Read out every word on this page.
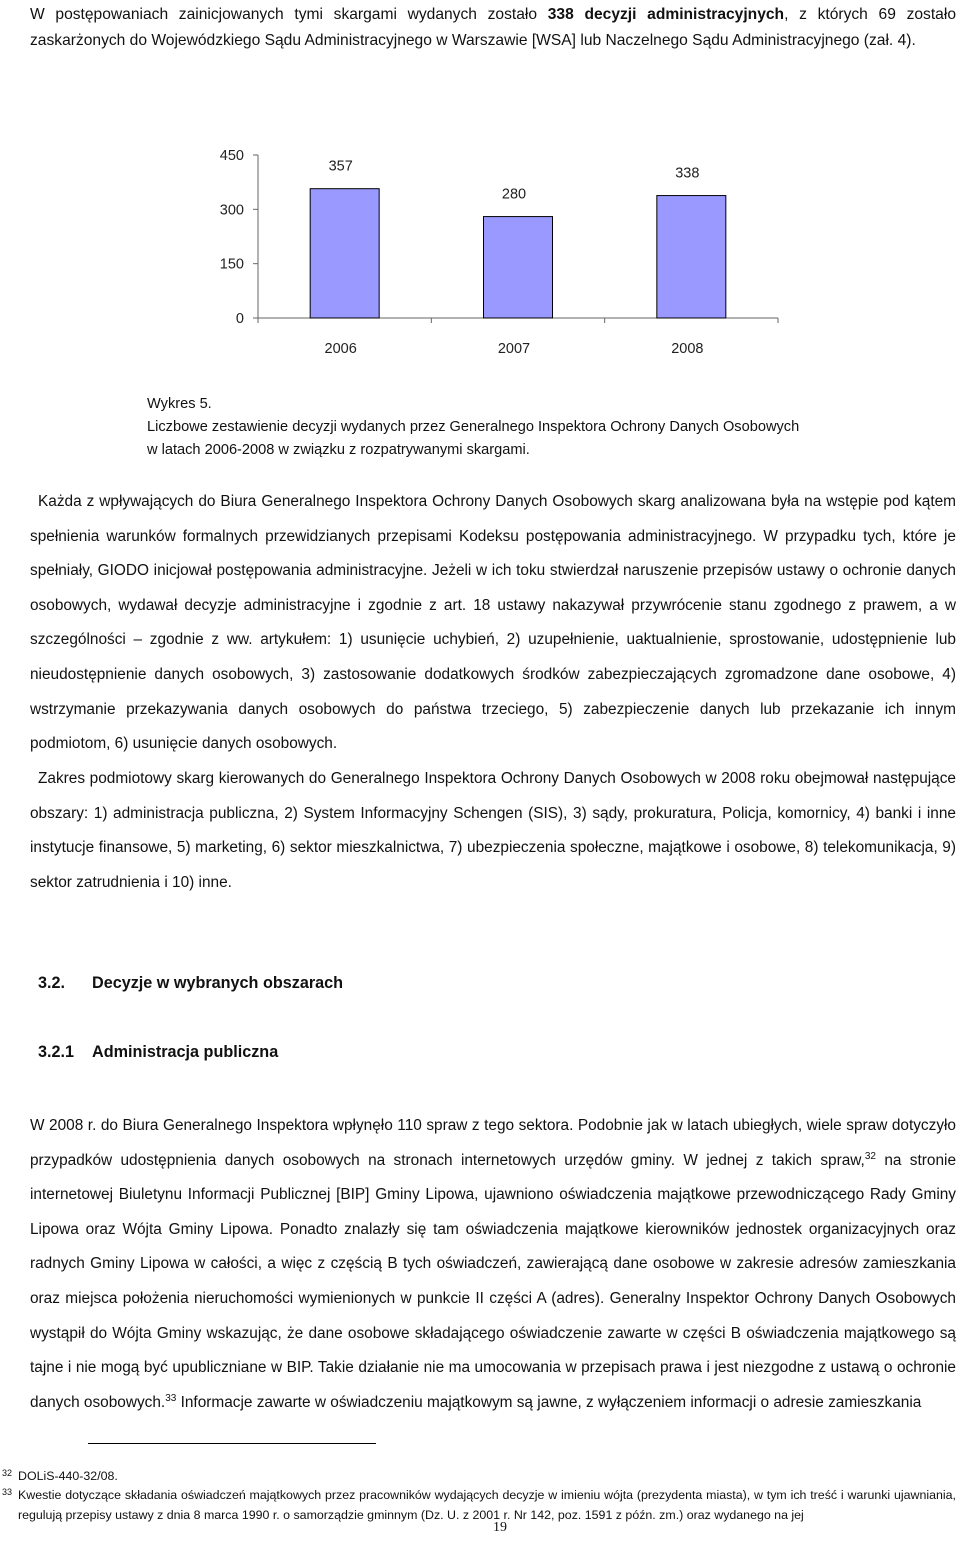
W postępowaniach zainicjowanych tymi skargami wydanych zostało 338 decyzji administracyjnych, z których 69 zostało zaskarżonych do Wojewódzkiego Sądu Administracyjnego w Warszawie [WSA] lub Naczelnego Sądu Administracyjnego (zał. 4).
0
150
300
450
357
2006
280
2007
338
2008
Wykres 5.
Liczbowe zestawienie decyzji wydanych przez Generalnego Inspektora Ochrony Danych Osobowych
w latach 2006-2008 w związku z rozpatrywanymi skargami.
Każda z wpływających do Biura Generalnego Inspektora Ochrony Danych Osobowych skarg analizowana była na wstępie pod kątem spełnienia warunków formalnych przewidzianych przepisami Kodeksu postępowania administracyjnego. W przypadku tych, które je spełniały, GIODO inicjował postępowania administracyjne. Jeżeli w ich toku stwierdzał naruszenie przepisów ustawy o ochronie danych osobowych, wydawał decyzje administracyjne i zgodnie z art. 18 ustawy nakazywał przywrócenie stanu zgodnego z prawem, a w szczególności – zgodnie z ww. artykułem: 1) usunięcie uchybień, 2) uzupełnienie, uaktualnienie, sprostowanie, udostępnienie lub nieudostępnienie danych osobowych, 3) zastosowanie dodatkowych środków zabezpieczających zgromadzone dane osobowe, 4) wstrzymanie przekazywania danych osobowych do państwa trzeciego, 5) zabezpieczenie danych lub przekazanie ich innym podmiotom, 6) usunięcie danych osobowych.
Zakres podmiotowy skarg kierowanych do Generalnego Inspektora Ochrony Danych Osobowych w 2008 roku obejmował następujące obszary: 1) administracja publiczna, 2) System Informacyjny Schengen (SIS), 3) sądy, prokuratura, Policja, komornicy, 4) banki i inne instytucje finansowe, 5) marketing, 6) sektor mieszkalnictwa, 7) ubezpieczenia społeczne, majątkowe i osobowe, 8) telekomunikacja, 9) sektor zatrudnienia i 10) inne.
3.2. Decyzje w wybranych obszarach
3.2.1 Administracja publiczna
W 2008 r. do Biura Generalnego Inspektora wpłynęło 110 spraw z tego sektora. Podobnie jak w latach ubiegłych, wiele spraw dotyczyło przypadków udostępnienia danych osobowych na stronach internetowych urzędów gminy. W jednej z takich spraw,$^{32}$ na stronie internetowej Biuletynu Informacji Publicznej [BIP] Gminy Lipowa, ujawniono oświadczenia majątkowe przewodniczącego Rady Gminy Lipowa oraz Wójta Gminy Lipowa. Ponadto znalazły się tam oświadczenia majątkowe kierowników jednostek organizacyjnych oraz radnych Gminy Lipowa w całości, a więc z częścią B tych oświadczeń, zawierającą dane osobowe w zakresie adresów zamieszkania oraz miejsca położenia nieruchomości wymienionych w punkcie II części A (adres). Generalny Inspektor Ochrony Danych Osobowych wystąpił do Wójta Gminy wskazując, że dane osobowe składającego oświadczenie zawarte w części B oświadczenia majątkowego są tajne i nie mogą być upubliczniane w BIP. Takie działanie nie ma umocowania w przepisach prawa i jest niezgodne z ustawą o ochronie danych osobowych.$^{33}$ Informacje zawarte w oświadczeniu majątkowym są jawne, z wyłączeniem informacji o adresie zamieszkania
32 DOLiS-440-32/08.
33 Kwestie dotyczące składania oświadczeń majątkowych przez pracowników wydających decyzje w imieniu wójta (prezydenta miasta), w tym ich treść i warunki ujawniania, regulują przepisy ustawy z dnia 8 marca 1990 r. o samorządzie gminnym (Dz. U. z 2001 r. Nr 142, poz. 1591 z późn. zm.) oraz wydanego na jej
19
